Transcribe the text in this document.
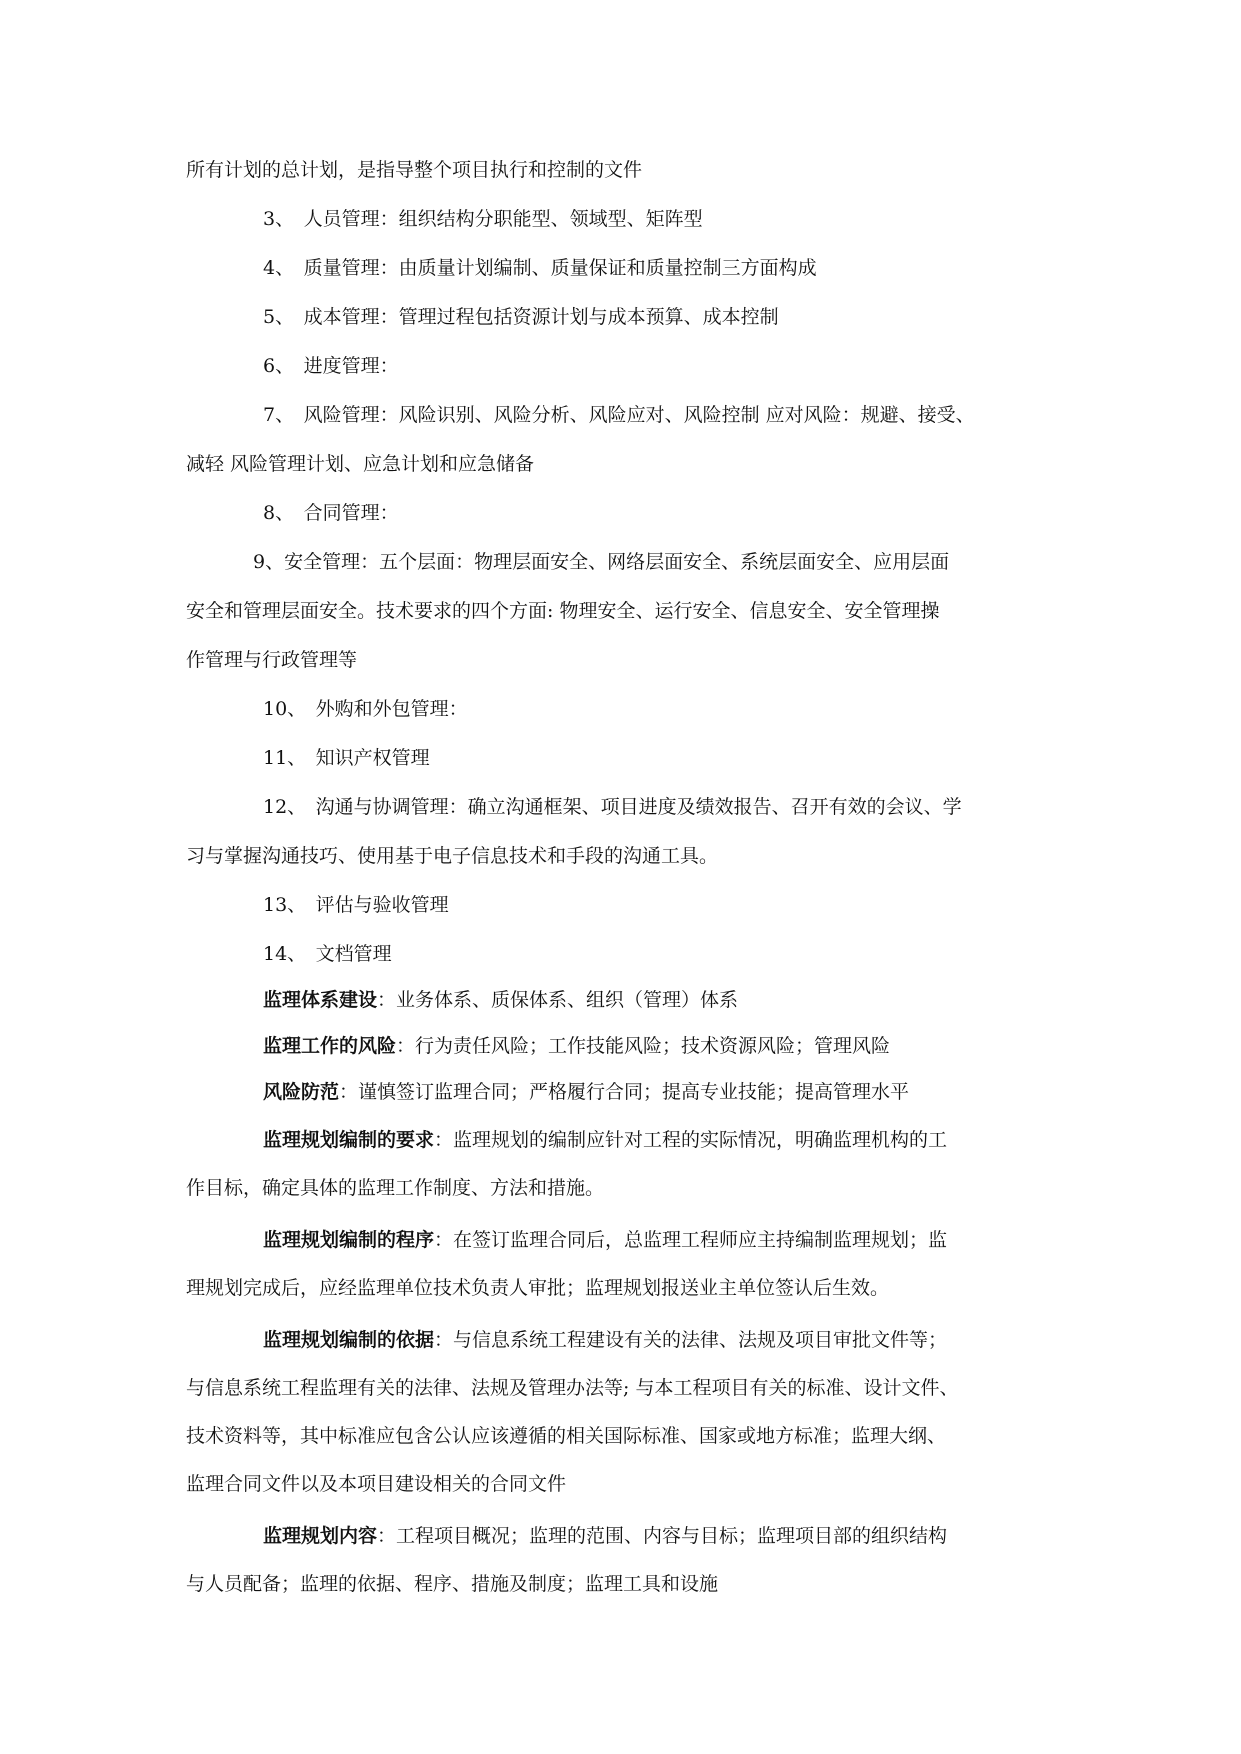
所有计划的总计划，是指导整个项目执行和控制的文件
3、　人员管理：组织结构分职能型、领域型、矩阵型
4、　质量管理：由质量计划编制、质量保证和质量控制三方面构成
5、　成本管理：管理过程包括资源计划与成本预算、成本控制
6、　进度管理：
7、　风险管理：风险识别、风险分析、风险应对、风险控制 应对风险：规避、接受、
减轻 风险管理计划、应急计划和应急储备
8、　合同管理：
9、安全管理：五个层面：物理层面安全、网络层面安全、系统层面安全、应用层面
安全和管理层面安全。技术要求的四个方面: 物理安全、运行安全、信息安全、安全管理操
作管理与行政管理等
10、　外购和外包管理：
11、　知识产权管理
12、　沟通与协调管理：确立沟通框架、项目进度及绩效报告、召开有效的会议、学
习与掌握沟通技巧、使用基于电子信息技术和手段的沟通工具。
13、　评估与验收管理
14、　文档管理
监理体系建设：业务体系、质保体系、组织（管理）体系
监理工作的风险：行为责任风险；工作技能风险；技术资源风险；管理风险
风险防范：谨慎签订监理合同；严格履行合同；提高专业技能；提高管理水平
监理规划编制的要求：监理规划的编制应针对工程的实际情况，明确监理机构的工
作目标，确定具体的监理工作制度、方法和措施。
监理规划编制的程序：在签订监理合同后，总监理工程师应主持编制监理规划；监
理规划完成后，应经监理单位技术负责人审批；监理规划报送业主单位签认后生效。
监理规划编制的依据：与信息系统工程建设有关的法律、法规及项目审批文件等；
与信息系统工程监理有关的法律、法规及管理办法等; 与本工程项目有关的标准、设计文件、
技术资料等，其中标准应包含公认应该遵循的相关国际标准、国家或地方标准；监理大纲、
监理合同文件以及本项目建设相关的合同文件
监理规划内容：工程项目概况；监理的范围、内容与目标；监理项目部的组织结构
与人员配备；监理的依据、程序、措施及制度；监理工具和设施
